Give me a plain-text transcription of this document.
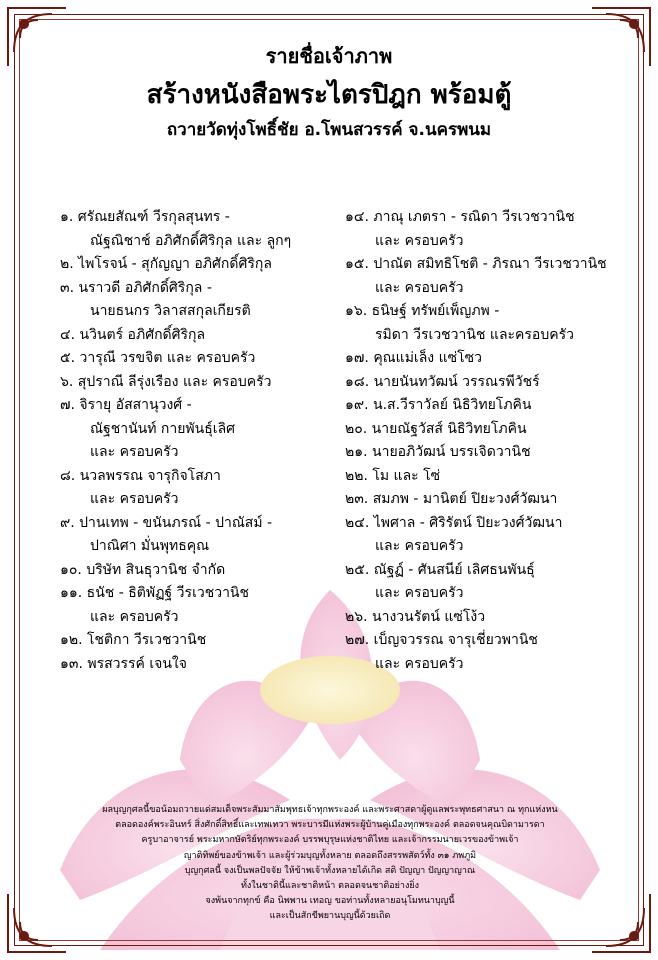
รายชื่อเจ้าภาพ
สร้างหนังสือพระไตรปิฎก พร้อมตู้
ถวายวัดทุ่งโพธิ์ชัย อ.โพนสวรรค์ จ.นครพนม
๑. ศรัณยสัณฑ์ วีรกุลสุนทร -
ณัฐณิชาช์ อภิศักดิ์ศิริกุล และ ลูกๆ
๒. ไพโรจน์ - สุกัญญา อภิศักดิ์ศิริกุล
๓. นราวดี อภิศักดิ์ศิริกุล -
นายธนกร วิลาสสกุลเกียรติ
๔. นวินตร์ อภิศักดิ์ศิริกุล
๕. วารุณี วรขจิต และ ครอบครัว
๖. สุปราณี ลีรุ่งเรือง และ ครอบครัว
๗. จิรายุ อัสสานุวงศ์ -
ณัฐชานันท์ กายพันธุ์เลิศ
และ ครอบครัว
๘. นวลพรรณ จารุกิจโสภา
และ ครอบครัว
๙. ปานเทพ - ขนันภรณ์ - ปาณัสม์ -
ปาณิศา มั่นพุทธคุณ
๑๐. บริษัท สินธุวานิช จำกัด
๑๑. ธนัช - ธิติพัฏฐ์ วีรเวชวานิช
และ ครอบครัว
๑๒. โชติกา วีรเวชวานิช
๑๓. พรสวรรค์ เจนใจ
๑๔. ภาณุ เภตรา - รณิดา วีรเวชวานิช
และ ครอบครัว
๑๕. ปาณัต สมิทธิโชติ - ภิรณา วีรเวชวานิช
และ ครอบครัว
๑๖. ธนิษฐ์ ทรัพย์เพ็ญภพ -
รมิดา วีรเวชวานิช และครอบครัว
๑๗. คุณแม่เล็ง แซ่โซว
๑๘. นายนันทวัฒน์ วรรณรพีวัชร์
๑๙. น.ส.วีราวัลย์ นิธิวิทยโภคิน
๒๐. นายณัฐวัสส์ นิธิวิทยโภคิน
๒๑. นายอภิวัฒน์ บรรเจิดวานิช
๒๒. โม และ โซ่
๒๓. สมภพ - มานิตย์ ปิยะวงศ์วัฒนา
๒๔. ไพศาล - ศิริรัตน์ ปิยะวงศ์วัฒนา
และ ครอบครัว
๒๕. ณัฐฏ์ - ศันสนีย์ เลิศธนพันธุ์
และ ครอบครัว
๒๖. นางวนรัตน์ แซ่โง้ว
๒๗. เบ็ญจวรรณ จารุเชี่ยวพานิช
และ ครอบครัว
ผลบุญกุศลนี้ขอน้อมถวายแด่สมเด็จพระสัมมาสัมพุทธเจ้าทุกพระองค์ และพระศาสดาผู้ดูแลพระพุทธศาสนา ณ ทุกแห่งหน
ตลอดองค์พระอินทร์ สิ่งศักดิ์สิทธิ์และเทพเทวา พระบารมีแห่งพระผู้บ้านคู่เมืองทุกพระองค์ ตลอดจนคุณบิดามารดา
ครูบาอาจารย์ พระมหากษัตริย์ทุกพระองค์ บรรพบุรุษแห่งชาติไทย และเจ้ากรรมนายเวรของข้าพเจ้า
ญาติทิพย์ของข้าพเจ้า และผู้ร่วมบุญทั้งหลาย ตลอดถึงสรรพสัตว์ทั้ง ๓๑ ภพภูมิ
บุญกุศลนี้ จงเป็นพลปัจจัย ให้ข้าพเจ้าทั้งหลายได้เกิด สติ ปัญญา ปัญญาญาณ
ทั้งในชาตินี้และชาติหน้า ตลอดจนชาติอย่างยิ่ง
จงพ้นจากทุกข์ คือ นิพพาน เทอญ ขอท่านทั้งหลายอนุโมทนาบุญนี้
และเป็นสักขีพยานบุญนี้ด้วยเถิด
